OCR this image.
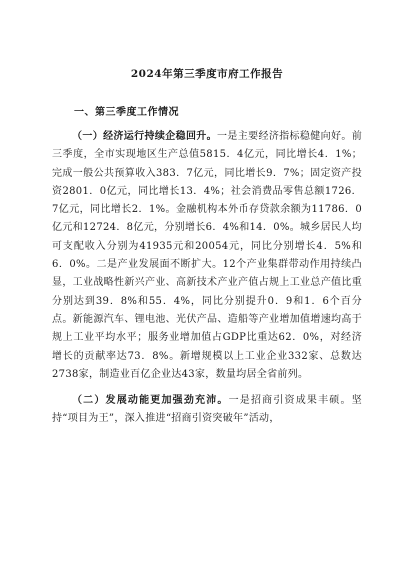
2024年第三季度市府工作报告
一、第三季度工作情况

（一）经济运行持续企稳回升。一是主要经济指标稳健向好。前三季度，全市实现地区生产总值5815．4亿元，同比增长4．1%；完成一般公共预算收入383．7亿元，同比增长9．7%；固定资产投资2801．0亿元，同比增长13．4%；社会消费品零售总额1726．7亿元，同比增长2．1%。金融机构本外币存贷款余额为11786．0亿元和12724．8亿元，分别增长6．4%和14．0%。城乡居民人均可支配收入分别为41935元和20054元，同比分别增长4．5%和6．0%。二是产业发展面不断扩大。12个产业集群带动作用持续凸显，工业战略性新兴产业、高新技术产业产值占规上工业总产值比重分别达到39．8%和55．4%，同比分别提升0．9和1．6个百分点。新能源汽车、锂电池、光伏产品、造船等产业增加值增速均高于规上工业平均水平；服务业增加值占GDP比重达62．0%，对经济增长的贡献率达73．8%。新增规模以上工业企业332家、总数达2738家，制造业百亿企业达43家，数量均居全省前列。

（二）发展动能更加强劲充沛。一是招商引资成果丰硕。坚持“项目为王”，深入推进“招商引资突破年”活动，
